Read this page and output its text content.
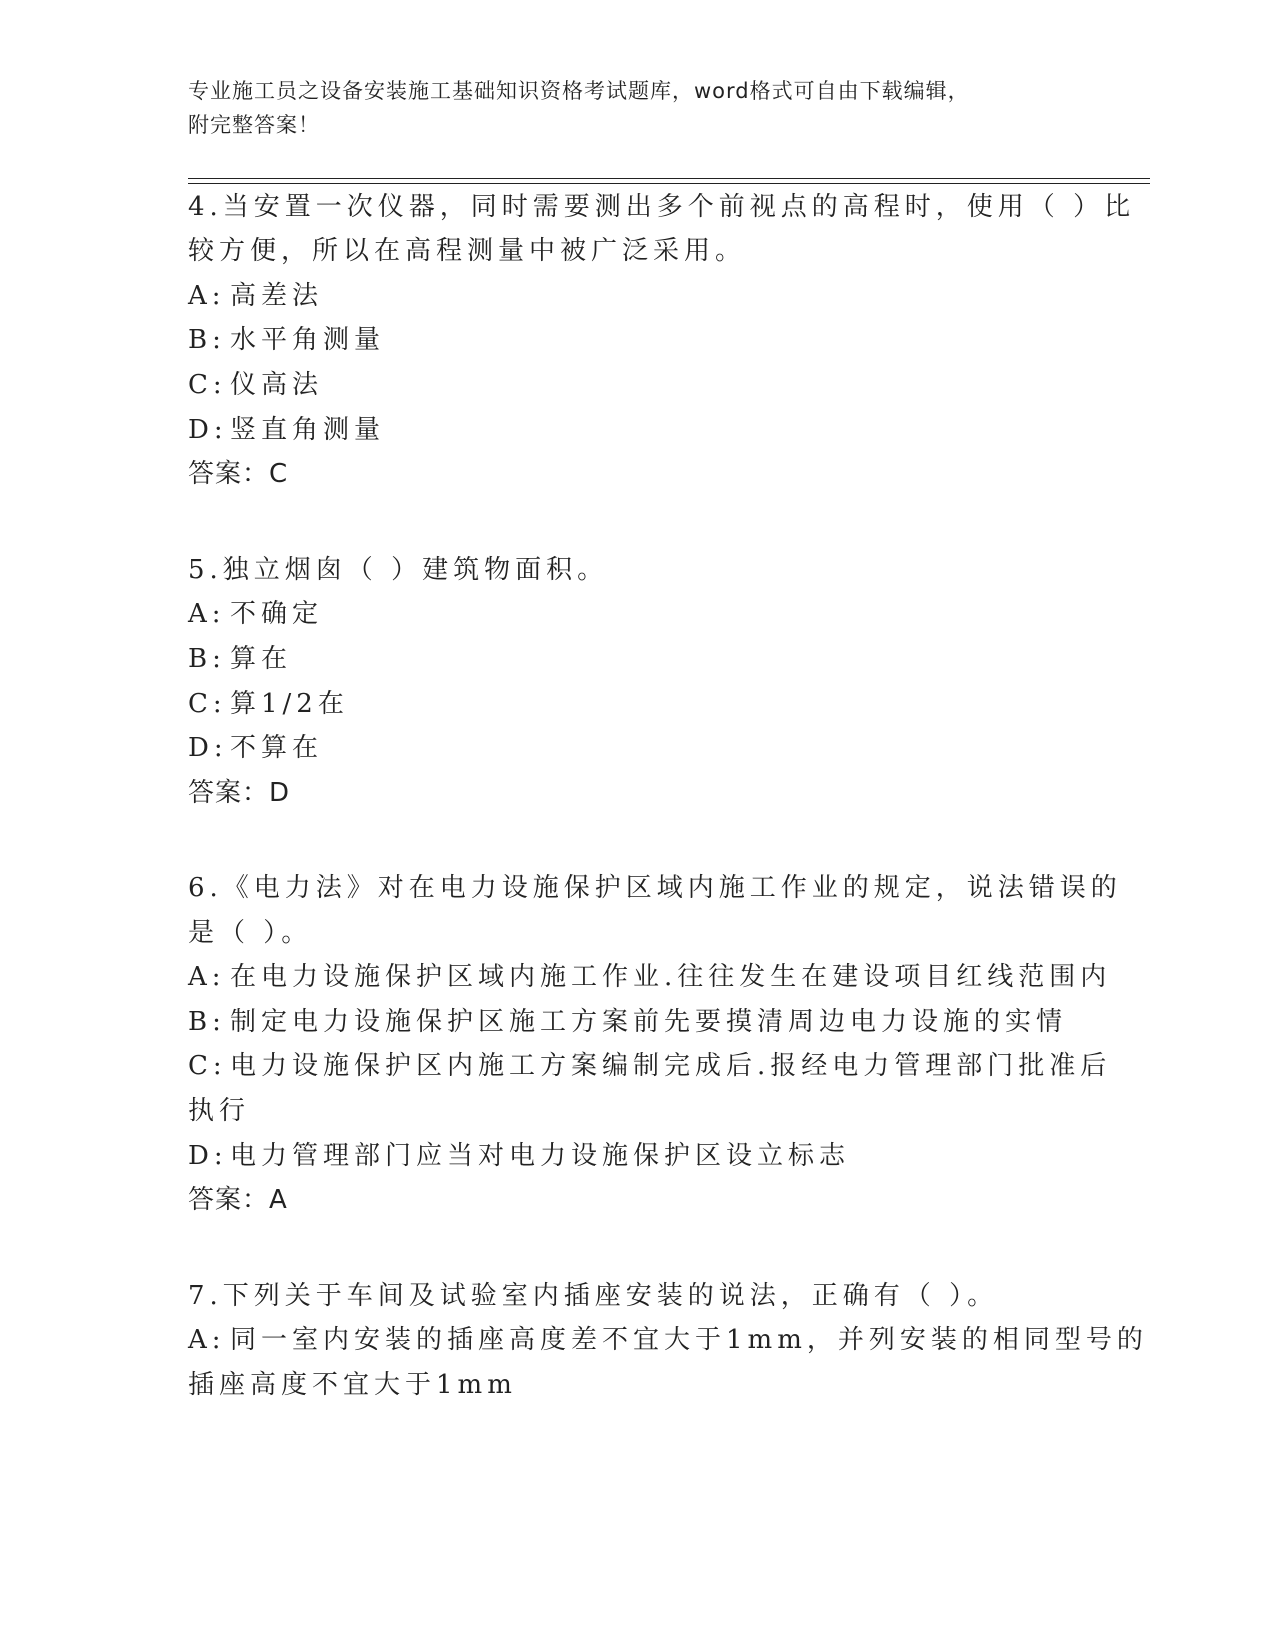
专业施工员之设备安装施工基础知识资格考试题库，word格式可自由下载编辑，
附完整答案！
4.当安置一次仪器，同时需要测出多个前视点的高程时，使用（ ）比
较方便，所以在高程测量中被广泛采用。
A: 高差法
B: 水平角测量
C: 仪高法
D:竖直角测量
答案：C
5.独立烟囱（ ）建筑物面积。
A: 不确定
B: 算在
C: 算1/2在
D:不算在
答案：D
6.《电力法》对在电力设施保护区域内施工作业的规定，说法错误的
是（ ）。
A: 在电力设施保护区域内施工作业.往往发生在建设项目红线范围内
B: 制定电力设施保护区施工方案前先要摸清周边电力设施的实情
C: 电力设施保护区内施工方案编制完成后.报经电力管理部门批准后
执行
D:电力管理部门应当对电力设施保护区设立标志
答案：A
7.下列关于车间及试验室内插座安装的说法，正确有（ ）。
A: 同一室内安装的插座高度差不宜大于1mm，并列安装的相同型号的
插座高度不宜大于1mm
